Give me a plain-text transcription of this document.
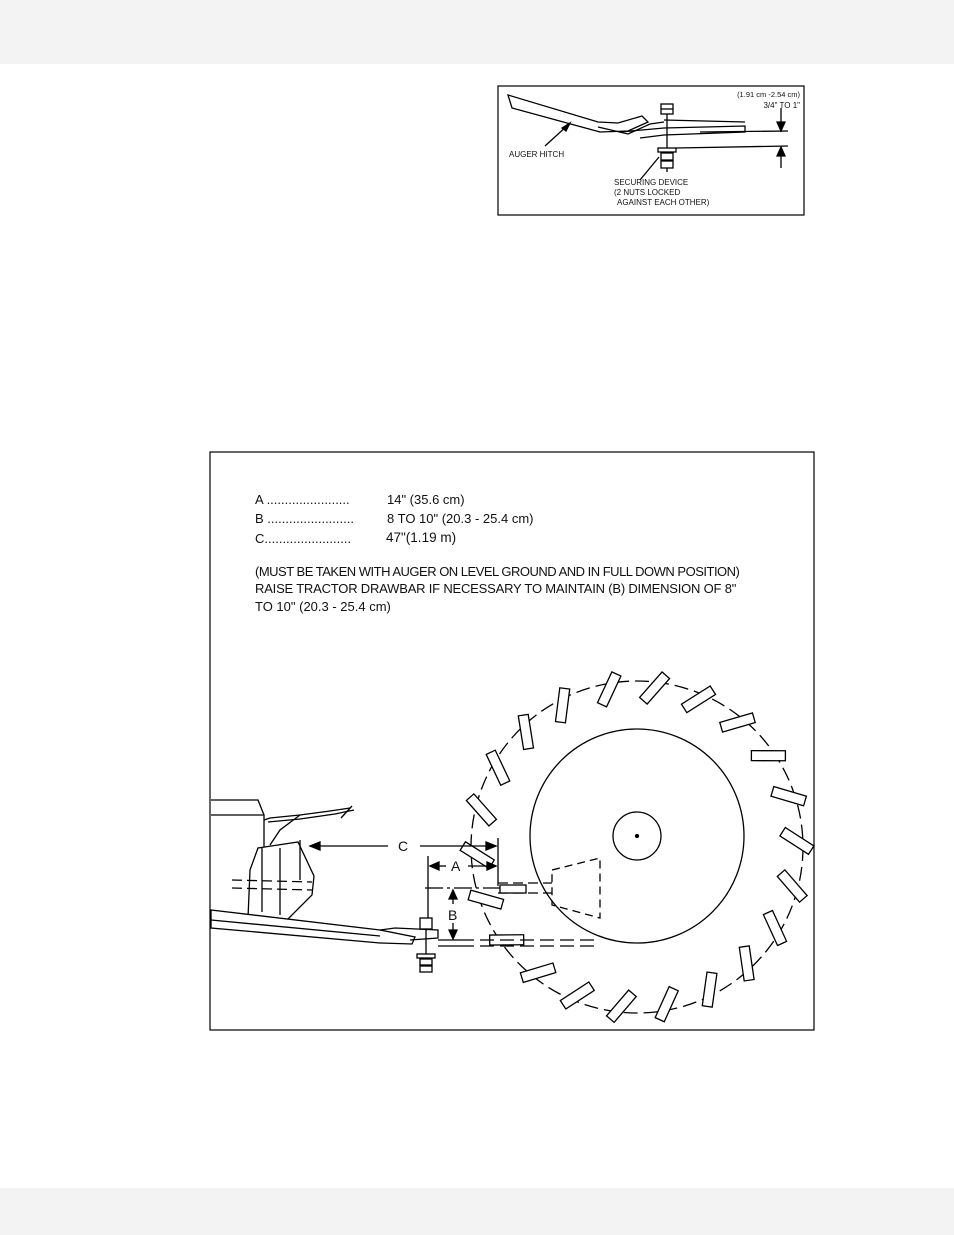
(1.91 cm -2.54 cm)
3/4" TO 1"
AUGER HITCH
SECURING DEVICE
(2 NUTS LOCKED
AGAINST EACH OTHER)
A .......................	14" (35.6 cm)
B ........................	8 TO 10" (20.3 - 25.4 cm)
C........................	47"(1.19 m)
(MUST BE TAKEN WITH AUGER ON LEVEL GROUND AND IN FULL DOWN POSITION)
RAISE TRACTOR DRAWBAR IF NECESSARY TO MAINTAIN (B) DIMENSION OF 8"
TO 10" (20.3 - 25.4 cm)
C
A
B
